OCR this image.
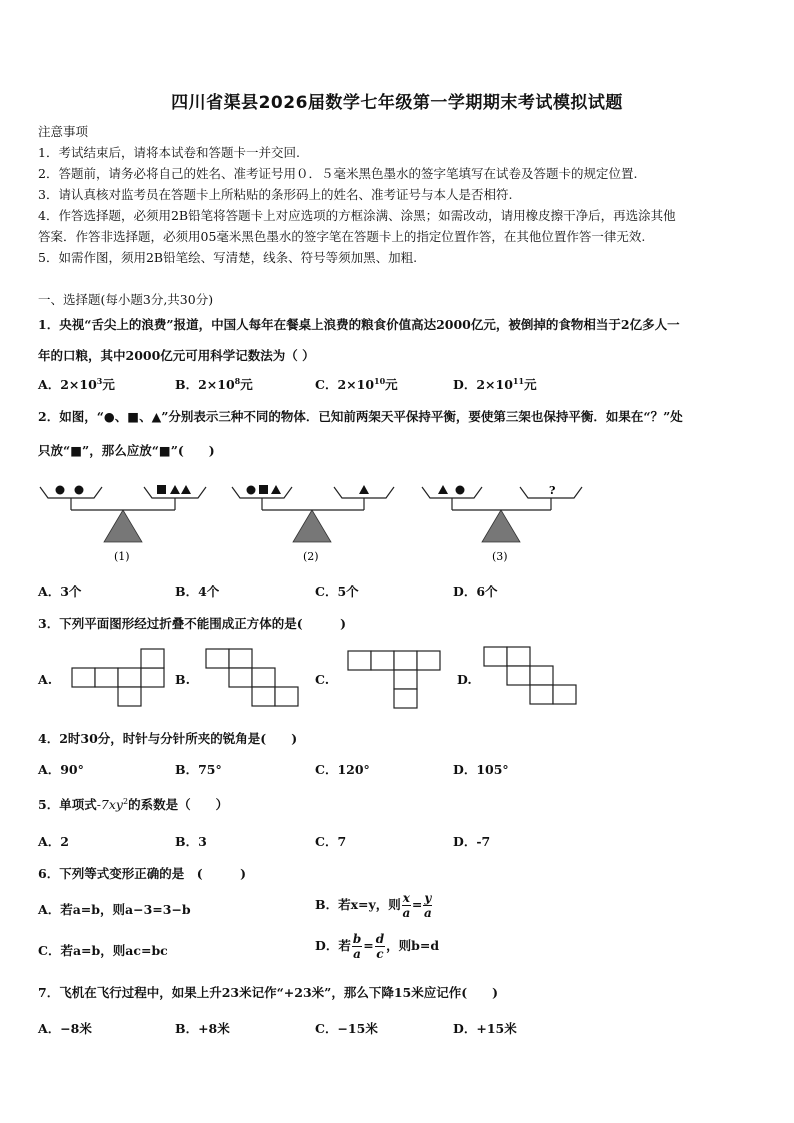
四川省渠县2026届数学七年级第一学期期末考试模拟试题
注意事项
1．考试结束后，请将本试卷和答题卡一并交回.
2．答题前，请务必将自己的姓名、准考证号用０．５毫米黑色墨水的签字笔填写在试卷及答题卡的规定位置.
3．请认真核对监考员在答题卡上所粘贴的条形码上的姓名、准考证号与本人是否相符.
4．作答选择题，必须用2B铅笔将答题卡上对应选项的方框涂满、涂黑；如需改动，请用橡皮擦干净后，再选涂其他
答案．作答非选择题，必须用05毫米黑色墨水的签字笔在答题卡上的指定位置作答，在其他位置作答一律无效.
5．如需作图，须用2B铅笔绘、写清楚，线条、符号等须加黑、加粗.
一、选择题(每小题3分,共30分)
1．央视“舌尖上的浪费”报道，中国人每年在餐桌上浪费的粮食价值高达2000亿元，被倒掉的食物相当于2亿多人一
年的口粮，其中2000亿元可用科学记数法为（ ）
A．$2\times 10^3$元	B．$2\times 10^8$元	C．$2\times 10^{10}$元	D．$2\times 10^{11}$元
2．如图，“●、■、▲”分别表示三种不同的物体．已知前两架天平保持平衡，要使第三架也保持平衡．如果在“？”处
只放“■”，那么应放“■”(　　)
?
(1)	(2)	(3)
A．3个	B．4个	C．5个	D．6个
3．下列平面图形经过折叠不能围成正方体的是(　　　)
A.	B.	C.	D.
4．2时30分，时针与分针所夹的锐角是(　　)
A．90°	B．75°	C．120°	D．105°
5．单项式$-7xy^2$的系数是（　　）
A．2	B．3	C．7	D．-7
6．下列等式变形正确的是　(　　　)
A．若a=b，则a−3=3−b	B．若x=y，则 $\frac{x}{a} = \frac{y}{a}$
C．若a=b，则ac=bc	D．若 $\frac{b}{a} = \frac{d}{c}$ ，则b=d
7．飞机在飞行过程中，如果上升23米记作“+23米”，那么下降15米应记作(　　)
A．−8米	B．+8米	C．−15米	D．+15米
